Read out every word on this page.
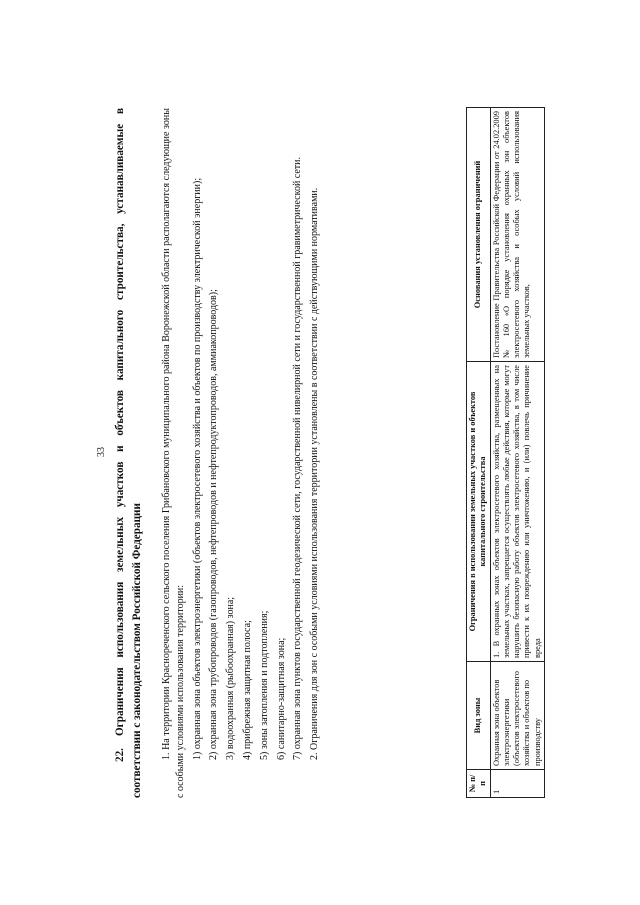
33
22.Ограничения использования земельных участков и объектов капитального строительства, устанавливаемые в соответствии с законодательством Российской Федерации 1. На территории Краснореченского сельского поселения Грибановского муниципального района Воронежской области располагаются следующие зоны с особыми условиями использования территории: 1) охранная зона объектов электроэнергетики (объектов электросетевого хозяйства и объектов по производству электрической энергии); 2) охранная зона трубопроводов (газопроводов, нефтепроводов и нефтепродуктопроводов, аммиакопроводов); 3) водоохранная (рыбоохранная) зона; 4) прибрежная защитная полоса; 5) зоны затопления и подтопления; 6) санитарно-защитная зона; 7) охранная зона пунктов государственной геодезической сети, государственной нивелирной сети и государственной гравиметрической сети. 2. Ограничения для зон с особыми условиями использования территории установлены в соответствии с действующими нормативами.

№ п/п	Вид зоны	Ограничения в использовании земельных участков и объектов капитального строительства	Основания установления ограничений
1	Охранная зона объектов электроэнергетики (объектов электросетевого хозяйства и объектов по производству	1. В охранных зонах объектов электросетевого хозяйства, размещенных на земельных участках, запрещается осуществлять любые действия, которые могут нарушить безопасную работу объектов электросетевого хозяйства, в том числе привести к их повреждению или уничтожению, и (или) повлечь причинение вреда	Постановление Правительства Российской Федерации от 24.02.2009 № 160 «О порядке установления охранных зон объектов электросетевого хозяйства и особых условий использования земельных участков,
